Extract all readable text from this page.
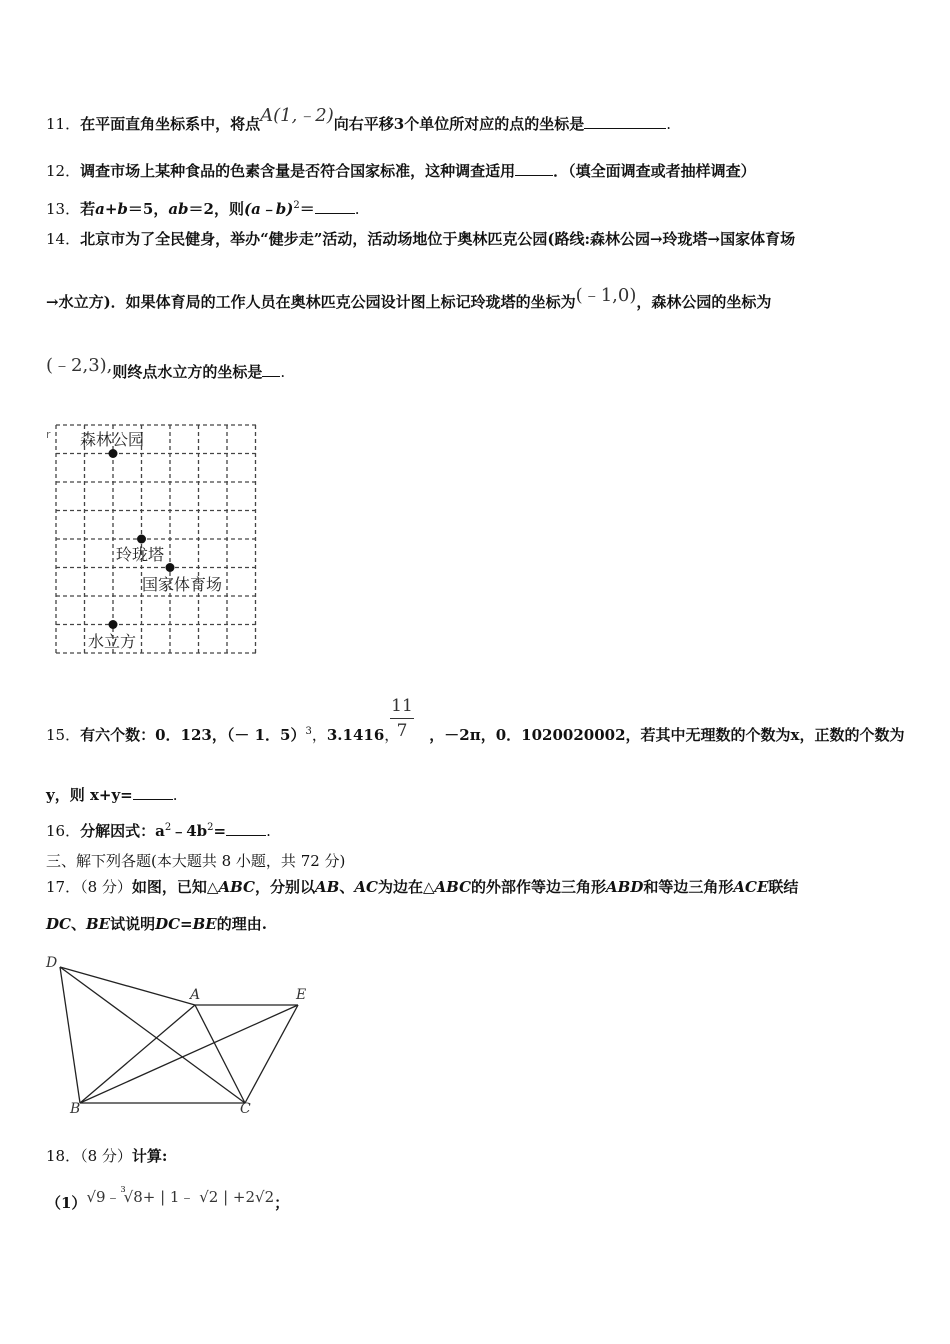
11．在平面直角坐标系中，将点A(1,﹣2)向右平移3个单位所对应的点的坐标是	.
12．调查市场上某种食品的色素含量是否符合国家标准，这种调查适用	．（填全面调查或者抽样调查）
13．若a+b＝5，ab＝2，则(a﹣b)$^2$＝	.
14．北京市为了全民健身，举办“健步走”活动，活动场地位于奥林匹克公园(路线:森林公园→玲珑塔→国家体育场
→水立方)．如果体育局的工作人员在奥林匹克公园设计图上标记玲珑塔的坐标为(﹣1,0)，森林公园的坐标为
(﹣2,3),则终点水立方的坐标是 .
r 森林公园
玲珑塔
国家体育场
水立方
15．有六个数：0．123，（－ 1．5）$^3$，3.1416， ，－2π，0．1020020002，若其中无理数的个数为x，正数的个数为
11
7
y，则 x+y=	.
16．分解因式：$a^2﹣4b^2=$	.
三、解下列各题(本大题共 8 小题，共 72 分)
17．（8 分）如图，已知△ABC，分别以AB、AC为边在△ABC的外部作等边三角形ABD和等边三角形ACE联结
DC、BE试说明DC=BE的理由.
D
A	E
B	C
18．（8 分）计算:
（1）√9﹣$^3$√8+ | 1﹣ √2 | +2√2；
